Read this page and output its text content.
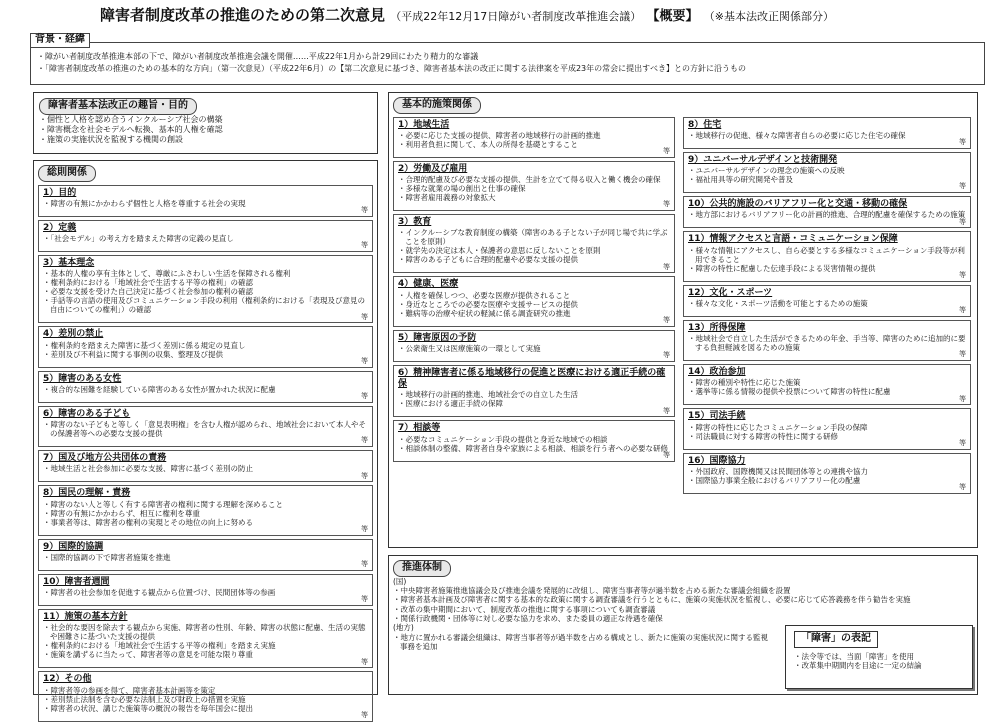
障害者制度改革の推進のための第二次意見 （平成22年12月17日障がい者制度改革推進会議） 【概要】 （※基本法改正関係部分）

・障がい者制度改革推進本部の下で、障がい者制度改革推進会議を開催……平成22年1月から計29回にわたり精力的な審議

・「障害者制度改革の推進のための基本的な方向」（第一次意見）（平成22年6月）の【第二次意見に基づき、障害者基本法の改正に関する法律案を平成23年の常会に提出すべき】との方針に沿うもの

背景・経緯
障害者基本法改正の趣旨・目的
・ 個性と人格を認め合うインクルーシブ社会の構築
・ 障害概念を社会モデルへ転換、基本的人権を確認
・ 施策の実施状況を監視する機関の創設
総則関係
1）目的
・ 障害の有無にかかわらず個性と人格を尊重する社会の実現
等
2）定義
・ 「社会モデル」の考え方を踏まえた障害の定義の見直し
等
3）基本理念
・ 基本的人権の享有主体として、尊厳にふさわしい生活を保障される権利
・ 権利条約における「地域社会で生活する平等の権利」の確認
・ 必要な支援を受けた自己決定に基づく社会参加の権利の確認
・ 手話等の言語の使用及びコミュニケーション手段の利用（権利条約における「表現及び意見の自由についての権利」）の確認
等
4）差別の禁止
・ 権利条約を踏まえた障害に基づく差別に係る規定の見直し
・ 差別及び不利益に関する事例の収集、整理及び提供
等
5）障害のある女性
・ 複合的な困難を経験している障害のある女性が置かれた状況に配慮
等
6）障害のある子ども
・ 障害のない子どもと等しく「意見表明権」を含む人権が認められ、地域社会において本人やその保護者等への必要な支援の提供
等
7）国及び地方公共団体の責務
・ 地域生活と社会参加に必要な支援、障害に基づく差別の防止
等
8）国民の理解・責務
・ 障害のない人と等しく有する障害者の権利に関する理解を深めること
・ 障害の有無にかかわらず、相互に権利を尊重
・ 事業者等は、障害者の権利の実現とその地位の向上に努める
等
9）国際的協調
・ 国際的協調の下で障害者施策を推進
等
10）障害者週間
・ 障害者の社会参加を促進する観点から位置づけ、民間団体等の参画
等
11）施策の基本方針
・ 社会的な要因を除去する観点から実施、障害者の性別、年齢、障害の状態に配慮、生活の実態や困難さに基づいた支援の提供
・ 権利条約における「地域社会で生活する平等の権利」を踏まえ実施
・ 施策を講ずるに当たって、障害者等の意見を可能な限り尊重
等
12）その他
・ 障害者等の参画を得て、障害者基本計画等を策定
・ 差別禁止法制を含む必要な法制上及び財政上の措置を実施
・ 障害者の状況、講じた施策等の概況の報告を毎年国会に提出
等
基本的施策関係
1）地域生活
・ 必要に応じた支援の提供、障害者の地域移行の計画的推進
・ 利用者負担に関して、本人の所得を基礎とすること
等
2）労働及び雇用
・ 合理的配慮及び必要な支援の提供、生計を立てて得る収入と働く機会の確保
・ 多様な就業の場の創出と仕事の確保
・ 障害者雇用義務の対象拡大
等
3）教育
・ インクルーシブな教育制度の構築（障害のある子とない子が同じ場で共に学ぶことを原則）
・ 就学先の決定は本人・保護者の意思に反しないことを原則
・ 障害のある子どもに合理的配慮や必要な支援の提供
等
4）健康、医療
・ 人権を確保しつつ、必要な医療が提供されること
・ 身近なところでの必要な医療や支援サービスの提供
・ 難病等の治療や症状の軽減に係る調査研究の推進
等
5）障害原因の予防
・ 公衆衛生又は医療施策の一環として実施
等
6）精神障害者に係る地域移行の促進と医療における適正手続の確保
・ 地域移行の計画的推進、地域社会での自立した生活
・ 医療における適正手続の保障
等
7）相談等
・ 必要なコミュニケーション手段の提供と身近な地域での相談
・ 相談体制の整備、障害者自身や家族による相談、相談を行う者への必要な研修
等
8）住宅
・ 地域移行の促進、様々な障害者自らの必要に応じた住宅の確保
等
9）ユニバーサルデザインと技術開発
・ ユニバーサルデザインの理念の施策への反映
・ 福祉用具等の研究開発や普及
等
10）公共的施設のバリアフリー化と交通・移動の確保
・ 地方部におけるバリアフリー化の計画的推進、合理的配慮を確保するための施策
等
11）情報アクセスと言語・コミュニケーション保障
・ 様々な情報にアクセスし、自ら必要とする多様なコミュニケーション手段等が利用できること
・ 障害の特性に配慮した伝達手段による災害情報の提供
等
12）文化・スポーツ
・ 様々な文化・スポーツ活動を可能とするための施策
等
13）所得保障
・ 地域社会で自立した生活ができるための年金、手当等、障害のために追加的に要する負担軽減を図るための施策
等
14）政治参加
・ 障害の種別や特性に応じた施策
・ 選挙等に係る情報の提供や投票について障害の特性に配慮
等
15）司法手続
・ 障害の特性に応じたコミュニケーション手段の保障
・ 司法職員に対する障害の特性に関する研修
等
16）国際協力
・ 外国政府、国際機関又は民間団体等との連携や協力
・ 国際協力事業全般におけるバリアフリー化の配慮
等
推進体制
(国)
・ 中央障害者施策推進協議会及び推進会議を発展的に改組し、障害当事者等が過半数を占める新たな審議会組織を設置
・ 障害者基本計画及び障害者に関する基本的な政策に関する調査審議を行うとともに、施策の実施状況を監視し、必要に応じて応答義務を伴う勧告を実施
・ 改革の集中期間において、制度改革の推進に関する事項についても調査審議
・ 関係行政機関・団体等に対し必要な協力を求め、また委員の適正な待遇を確保
(地方)
・ 地方に置かれる審議会組織は、障害当事者等が過半数を占める構成とし、新たに施策の実施状況に関する監視事務を追加
「障害」の表記
・ 法令等では、当面「障害」を使用
・ 改革集中期間内を目途に一定の結論
